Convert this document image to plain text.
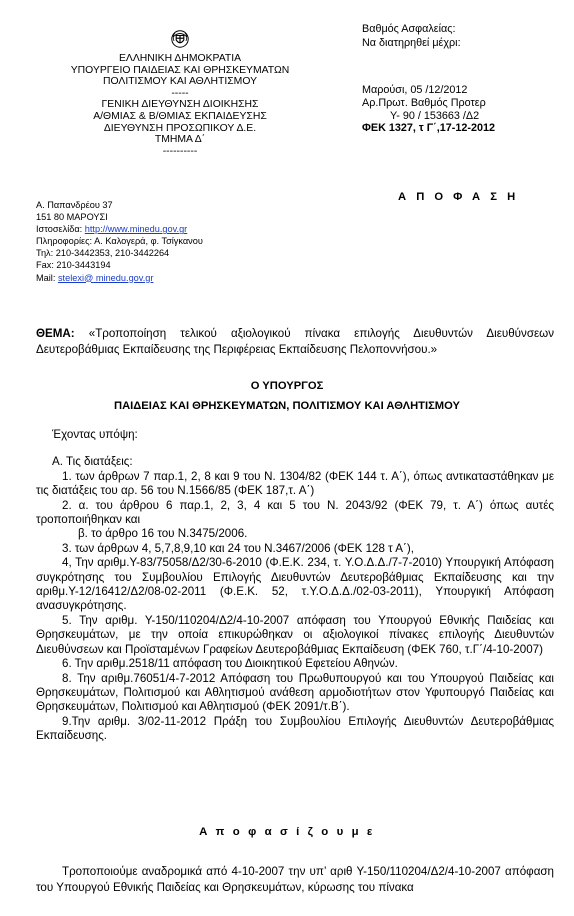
ΕΛΛΗΝΙΚΗ ΔΗΜΟΚΡΑΤΙΑ
ΥΠΟΥΡΓΕΙΟ ΠΑΙΔΕΙΑΣ ΚΑΙ ΘΡΗΣΚΕΥΜΑΤΩΝ
ΠΟΛΙΤΙΣΜΟΥ ΚΑΙ ΑΘΛΗΤΙΣΜΟΥ
-----
ΓΕΝΙΚΗ ΔΙΕΥΘΥΝΣΗ ΔΙΟΙΚΗΣΗΣ
Α/ΘΜΙΑΣ & Β/ΘΜΙΑΣ ΕΚΠΑΙΔΕΥΣΗΣ
ΔΙΕΥΘΥΝΣΗ ΠΡΟΣΩΠΙΚΟΥ Δ.Ε.
ΤΜΗΜΑ Δ΄
----------
Βαθμός Ασφαλείας:
Να διατηρηθεί μέχρι:
Μαρούσι, 05 /12/2012
Αρ.Πρωτ. Βαθμός Προτερ
Υ- 90 / 153663 /Δ2
ΦΕΚ 1327, τ Γ΄,17-12-2012
Α Π Ο Φ Α Σ Η
Α. Παπανδρέου 37
151 80 ΜΑΡΟΥΣΙ
Ιστοσελίδα: http://www.minedu.gov.gr
Πληροφορίες: Α. Καλογερά, φ. Τσίγκανου
Τηλ: 210-3442353, 210-3442264
Fax: 210-3443194
Mail: stelexi@ minedu.gov.gr
ΘΕΜΑ: «Τροποποίηση τελικού αξιολογικού πίνακα επιλογής Διευθυντών Διευθύνσεων Δευτεροβάθμιας Εκπαίδευσης της Περιφέρειας Εκπαίδευσης Πελοποννήσου.»
Ο ΥΠΟΥΡΓΟΣ
ΠΑΙΔΕΙΑΣ ΚΑΙ ΘΡΗΣΚΕΥΜΑΤΩΝ, ΠΟΛΙΤΙΣΜΟΥ ΚΑΙ ΑΘΛΗΤΙΣΜΟΥ

Έχοντας υπόψη:

Α. Τις διατάξεις:

1. των άρθρων 7 παρ.1, 2, 8 και 9 του Ν. 1304/82 (ΦΕΚ 144 τ. Α΄), όπως αντικαταστάθηκαν με τις διατάξεις του αρ. 56 του Ν.1566/85 (ΦΕΚ 187,τ. Α΄)

2. α. του άρθρου 6 παρ.1, 2, 3, 4 και 5 του Ν. 2043/92 (ΦΕΚ 79, τ. Α΄) όπως αυτές τροποποιήθηκαν και

β. το άρθρο 16 του Ν.3475/2006.

3. των άρθρων 4, 5,7,8,9,10 και 24 του Ν.3467/2006 (ΦΕΚ 128 τ Α΄),

4, Την αριθμ.Υ-83/75058/Δ2/30-6-2010 (Φ.Ε.Κ. 234, τ. Υ.Ο.Δ.Δ./7-7-2010) Υπουργική Απόφαση συγκρότησης του Συμβουλίου Επιλογής Διευθυντών Δευτεροβάθμιας Εκπαίδευσης και την αριθμ.Υ-12/16412/Δ2/08-02-2011 (Φ.Ε.Κ. 52, τ.Υ.Ο.Δ.Δ./02-03-2011), Υπουργική Απόφαση ανασυγκρότησης.

5. Την αριθμ. Υ-150/110204/Δ2/4-10-2007 απόφαση του Υπουργού Εθνικής Παιδείας και Θρησκευμάτων, με την οποία επικυρώθηκαν οι αξιολογικοί πίνακες επιλογής Διευθυντών Διευθύνσεων και Προϊσταμένων Γραφείων Δευτεροβάθμιας Εκπαίδευση (ΦΕΚ 760, τ.Γ΄/4-10-2007)

6. Την αριθμ.2518/11 απόφαση του Διοικητικού Εφετείου Αθηνών.

8. Την αριθμ.76051/4-7-2012 Απόφαση του Πρωθυπουργού και του Υπουργού Παιδείας και Θρησκευμάτων, Πολιτισμού και Αθλητισμού ανάθεση αρμοδιοτήτων στον Υφυπουργό Παιδείας και Θρησκευμάτων, Πολιτισμού και Αθλητισμού (ΦΕΚ 2091/τ.Β΄).

9.Την αριθμ. 3/02-11-2012 Πράξη του Συμβουλίου Επιλογής Διευθυντών Δευτεροβάθμιας Εκπαίδευσης.

Α π ο φ α σ ί ζ ο υ μ ε
Τροποποιούμε αναδρομικά από 4-10-2007 την υπ’ αριθ Υ-150/110204/Δ2/4-10-2007 απόφαση του Υπουργού Εθνικής Παιδείας και Θρησκευμάτων, κύρωσης του πίνακα
